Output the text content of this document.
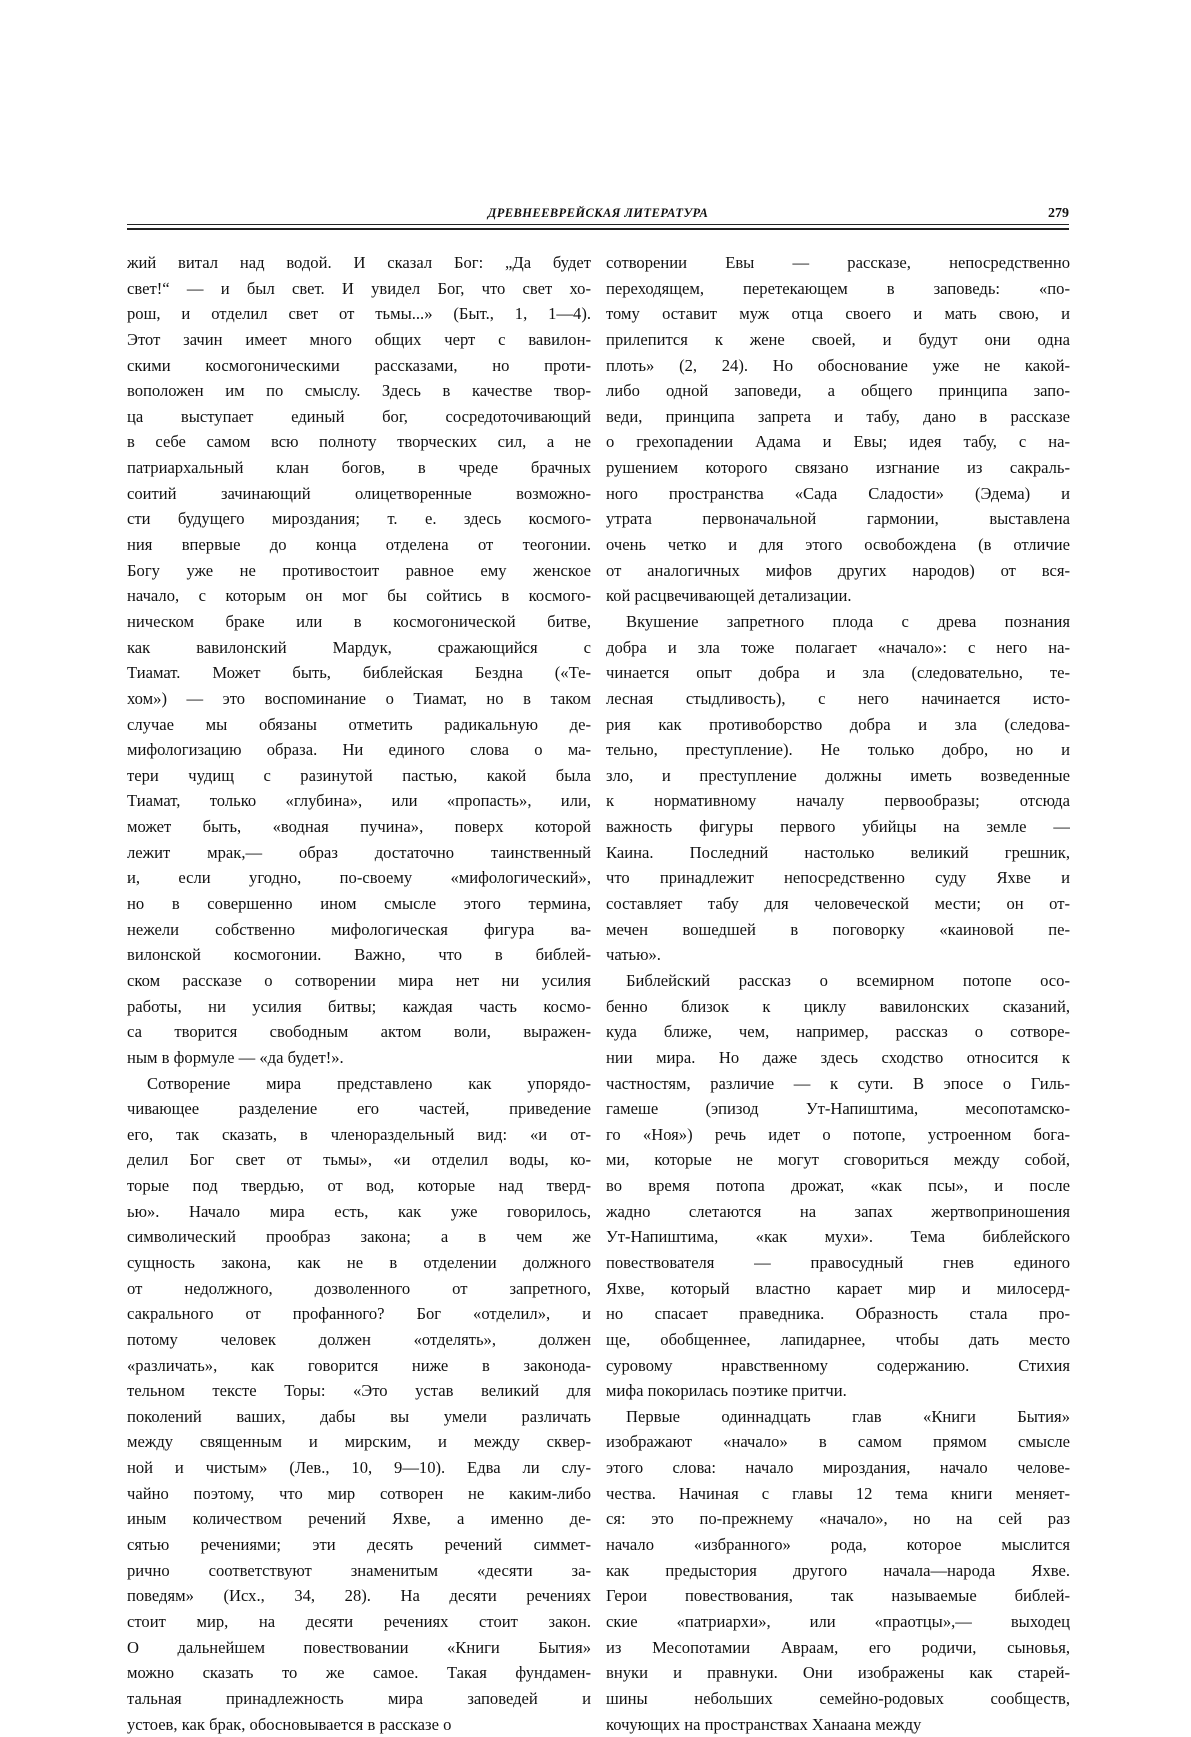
ДРЕВНЕЕВРЕЙСКАЯ ЛИТЕРАТУРА	279
жий витал над водой. И сказал Бог: „Да будет
свет!“ — и был свет. И увидел Бог, что свет хо-
рош, и отделил свет от тьмы...» (Быт., 1, 1—4).
Этот зачин имеет много общих черт с вавилон-
скими космогоническими рассказами, но проти-
воположен им по смыслу. Здесь в качестве твор-
ца выступает единый бог, сосредоточивающий
в себе самом всю полноту творческих сил, а не
патриархальный клан богов, в чреде брачных
соитий зачинающий олицетворенные возможно-
сти будущего мироздания; т. е. здесь космого-
ния впервые до конца отделена от теогонии.
Богу уже не противостоит равное ему женское
начало, с которым он мог бы сойтись в космого-
ническом браке или в космогонической битве,
как вавилонский Мардук, сражающийся с
Тиамат. Может быть, библейская Бездна («Те-
хом») — это воспоминание о Тиамат, но в таком
случае мы обязаны отметить радикальную де-
мифологизацию образа. Ни единого слова о ма-
тери чудищ с разинутой пастью, какой была
Тиамат, только «глубина», или «пропасть», или,
может быть, «водная пучина», поверх которой
лежит мрак,— образ достаточно таинственный
и, если угодно, по-своему «мифологический»,
но в совершенно ином смысле этого термина,
нежели собственно мифологическая фигура ва-
вилонской космогонии. Важно, что в библей-
ском рассказе о сотворении мира нет ни усилия
работы, ни усилия битвы; каждая часть космо-
са творится свободным актом воли, выражен-
ным в формуле — «да будет!».
Сотворение мира представлено как упорядо-
чивающее разделение его частей, приведение
его, так сказать, в членораздельный вид: «и от-
делил Бог свет от тьмы», «и отделил воды, ко-
торые под твердью, от вод, которые над тверд-
ью». Начало мира есть, как уже говорилось,
символический прообраз закона; а в чем же
сущность закона, как не в отделении должного
от недолжного, дозволенного от запретного,
сакрального от профанного? Бог «отделил», и
потому человек должен «отделять», должен
«различать», как говорится ниже в законода-
тельном тексте Торы: «Это устав великий для
поколений ваших, дабы вы умели различать
между священным и мирским, и между сквер-
ной и чистым» (Лев., 10, 9—10). Едва ли слу-
чайно поэтому, что мир сотворен не каким-либо
иным количеством речений Яхве, а именно де-
сятью речениями; эти десять речений симмет-
рично соответствуют знаменитым «десяти за-
поведям» (Исх., 34, 28). На десяти речениях
стоит мир, на десяти речениях стоит закон.
О дальнейшем повествовании «Книги Бытия»
можно сказать то же самое. Такая фундамен-
тальная принадлежность мира заповедей и
устоев, как брак, обосновывается в рассказе о
сотворении Евы — рассказе, непосредственно
переходящем, перетекающем в заповедь: «по-
тому оставит муж отца своего и мать свою, и
прилепится к жене своей, и будут они одна
плоть» (2, 24). Но обоснование уже не какой-
либо одной заповеди, а общего принципа запо-
веди, принципа запрета и табу, дано в рассказе
о грехопадении Адама и Евы; идея табу, с на-
рушением которого связано изгнание из сакраль-
ного пространства «Сада Сладости» (Эдема) и
утрата первоначальной гармонии, выставлена
очень четко и для этого освобождена (в отличие
от аналогичных мифов других народов) от вся-
кой расцвечивающей детализации.
Вкушение запретного плода с древа познания
добра и зла тоже полагает «начало»: с него на-
чинается опыт добра и зла (следовательно, те-
лесная стыдливость), с него начинается исто-
рия как противоборство добра и зла (следова-
тельно, преступление). Не только добро, но и
зло, и преступление должны иметь возведенные
к нормативному началу первообразы; отсюда
важность фигуры первого убийцы на земле —
Каина. Последний настолько великий грешник,
что принадлежит непосредственно суду Яхве и
составляет табу для человеческой мести; он от-
мечен вошедшей в поговорку «каиновой пе-
чатью».
Библейский рассказ о всемирном потопе осо-
бенно близок к циклу вавилонских сказаний,
куда ближе, чем, например, рассказ о сотворе-
нии мира. Но даже здесь сходство относится к
частностям, различие — к сути. В эпосе о Гиль-
гамеше (эпизод Ут-Напиштима, месопотамско-
го «Ноя») речь идет о потопе, устроенном бога-
ми, которые не могут сговориться между собой,
во время потопа дрожат, «как псы», и после
жадно слетаются на запах жертвоприношения
Ут-Напиштима, «как мухи». Тема библейского
повествователя — правосудный гнев единого
Яхве, который властно карает мир и милосерд-
но спасает праведника. Образность стала про-
ще, обобщеннее, лапидарнее, чтобы дать место
суровому нравственному содержанию. Стихия
мифа покорилась поэтике притчи.
Первые одиннадцать глав «Книги Бытия»
изображают «начало» в самом прямом смысле
этого слова: начало мироздания, начало челове-
чества. Начиная с главы 12 тема книги меняет-
ся: это по-прежнему «начало», но на сей раз
начало «избранного» рода, которое мыслится
как предыстория другого начала—народа Яхве.
Герои повествования, так называемые библей-
ские «патриархи», или «праотцы»,— выходец
из Месопотамии Авраам, его родичи, сыновья,
внуки и правнуки. Они изображены как старей-
шины небольших семейно-родовых сообществ,
кочующих на пространствах Ханаана между
